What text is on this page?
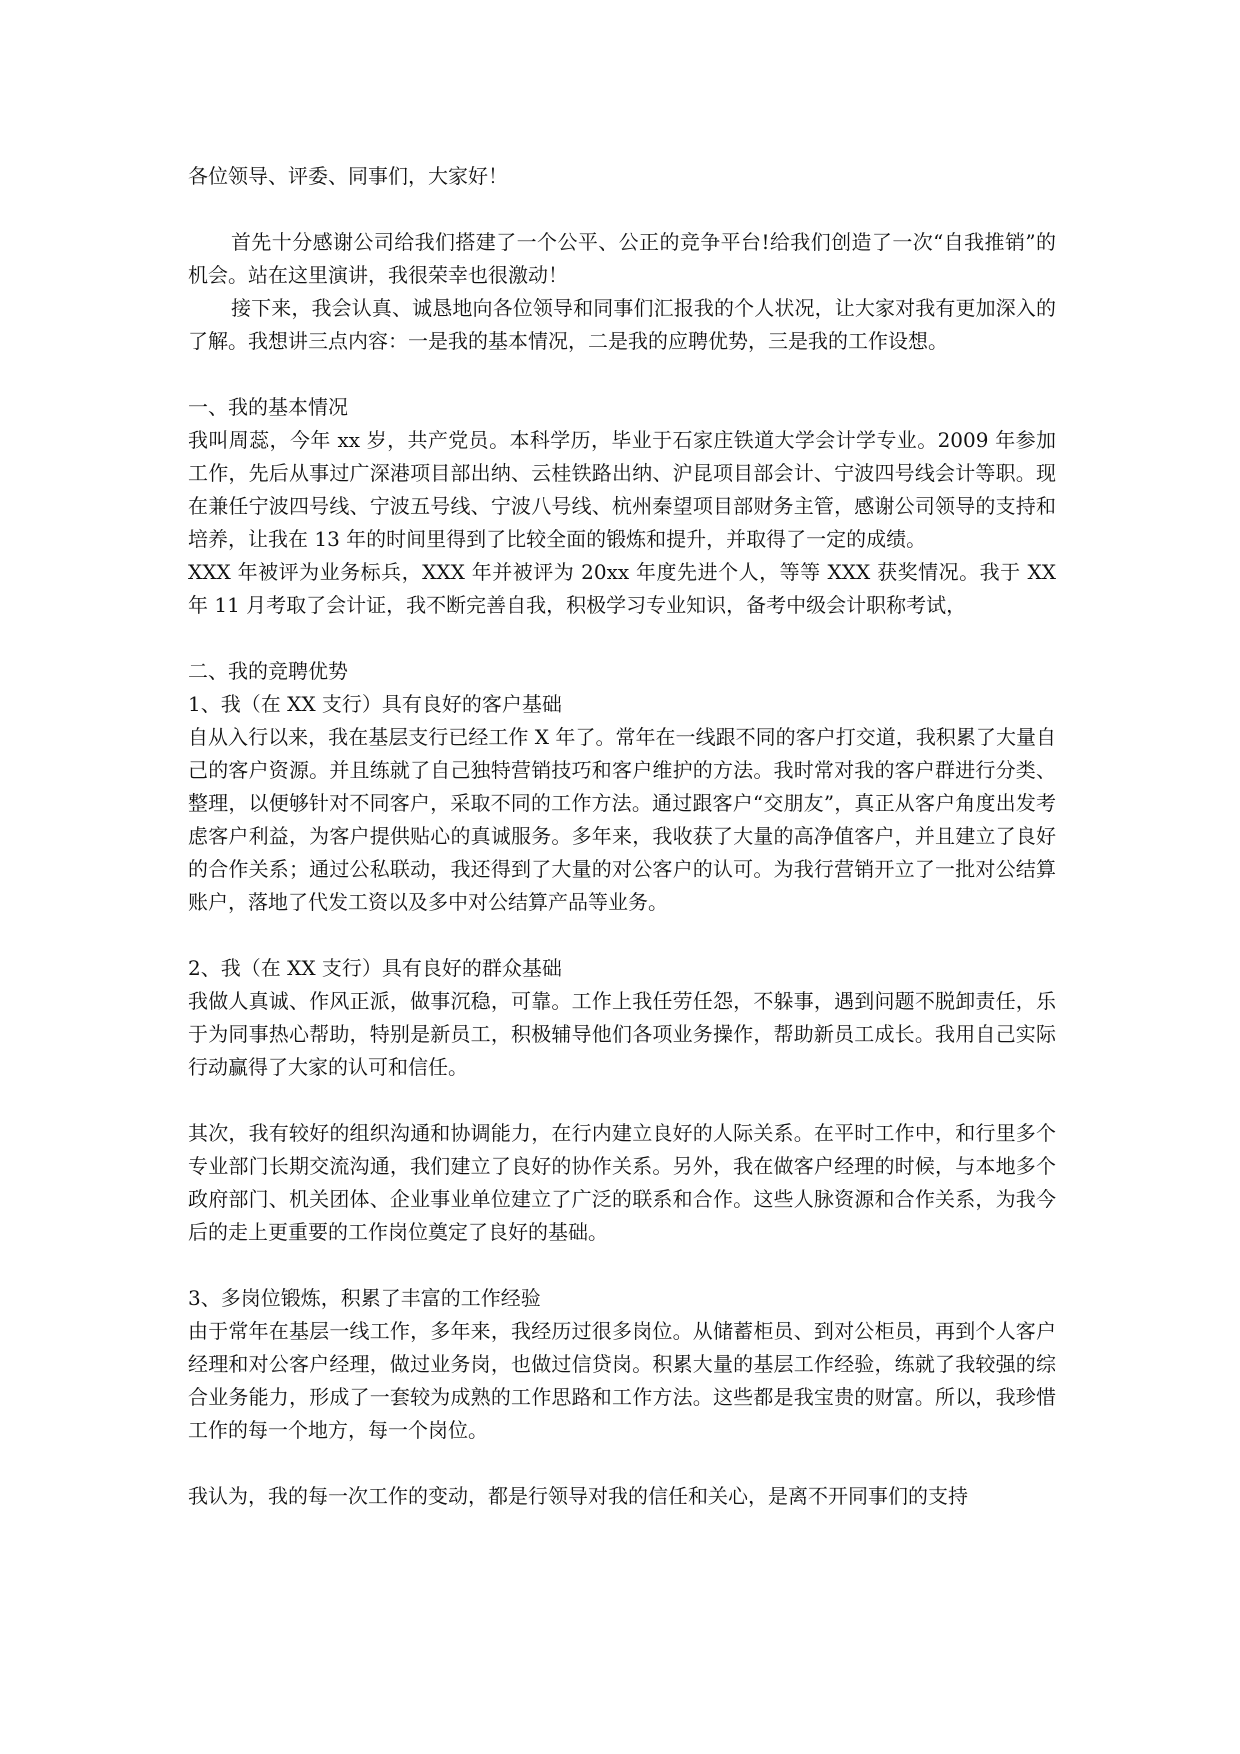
各位领导、评委、同事们，大家好！

首先十分感谢公司给我们搭建了一个公平、公正的竞争平台!给我们创造了一次“自我推销”的机会。站在这里演讲，我很荣幸也很激动！

接下来，我会认真、诚恳地向各位领导和同事们汇报我的个人状况，让大家对我有更加深入的了解。我想讲三点内容：一是我的基本情况，二是我的应聘优势，三是我的工作设想。

一、我的基本情况

我叫周蕊，今年 xx 岁，共产党员。本科学历，毕业于石家庄铁道大学会计学专业。2009 年参加工作，先后从事过广深港项目部出纳、云桂铁路出纳、沪昆项目部会计、宁波四号线会计等职。现在兼任宁波四号线、宁波五号线、宁波八号线、杭州秦望项目部财务主管，感谢公司领导的支持和培养，让我在 13 年的时间里得到了比较全面的锻炼和提升，并取得了一定的成绩。

XXX 年被评为业务标兵，XXX 年并被评为 20xx 年度先进个人，等等 XXX 获奖情况。我于 XX 年 11 月考取了会计证，我不断完善自我，积极学习专业知识，备考中级会计职称考试，

二、我的竞聘优势

1、我（在 XX 支行）具有良好的客户基础

自从入行以来，我在基层支行已经工作 X 年了。常年在一线跟不同的客户打交道，我积累了大量自己的客户资源。并且练就了自己独特营销技巧和客户维护的方法。我时常对我的客户群进行分类、整理，以便够针对不同客户，采取不同的工作方法。通过跟客户“交朋友”，真正从客户角度出发考虑客户利益，为客户提供贴心的真诚服务。多年来，我收获了大量的高净值客户，并且建立了良好的合作关系；通过公私联动，我还得到了大量的对公客户的认可。为我行营销开立了一批对公结算账户，落地了代发工资以及多中对公结算产品等业务。

2、我（在 XX 支行）具有良好的群众基础

我做人真诚、作风正派，做事沉稳，可靠。工作上我任劳任怨，不躲事，遇到问题不脱卸责任，乐于为同事热心帮助，特别是新员工，积极辅导他们各项业务操作，帮助新员工成长。我用自己实际行动赢得了大家的认可和信任。

其次，我有较好的组织沟通和协调能力，在行内建立良好的人际关系。在平时工作中，和行里多个专业部门长期交流沟通，我们建立了良好的协作关系。另外，我在做客户经理的时候，与本地多个政府部门、机关团体、企业事业单位建立了广泛的联系和合作。这些人脉资源和合作关系，为我今后的走上更重要的工作岗位奠定了良好的基础。

3、多岗位锻炼，积累了丰富的工作经验

由于常年在基层一线工作，多年来，我经历过很多岗位。从储蓄柜员、到对公柜员，再到个人客户经理和对公客户经理，做过业务岗，也做过信贷岗。积累大量的基层工作经验，练就了我较强的综合业务能力，形成了一套较为成熟的工作思路和工作方法。这些都是我宝贵的财富。所以，我珍惜工作的每一个地方，每一个岗位。

我认为，我的每一次工作的变动，都是行领导对我的信任和关心，是离不开同事们的支持
